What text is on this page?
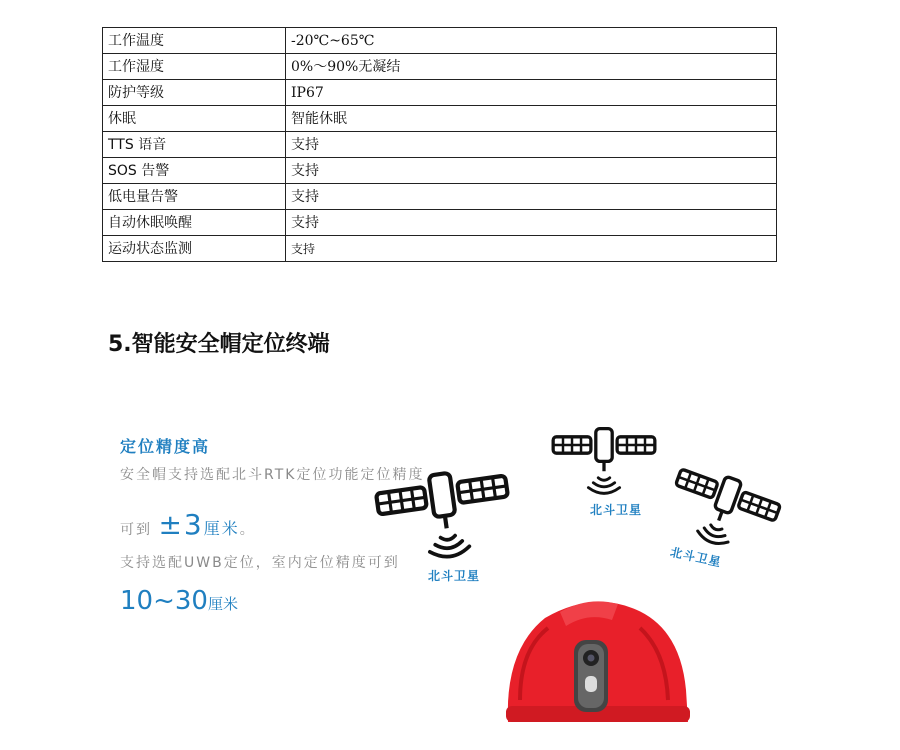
工作温度	-20℃~65℃
工作湿度	0%～90%无凝结
防护等级	IP67
休眠	智能休眠
TTS 语音	支持
SOS 告警	支持
低电量告警	支持
自动休眠唤醒	支持
运动状态监测	支持
5.智能安全帽定位终端
定位精度高
安全帽支持选配北斗RTK定位功能定位精度
可到 ±3厘米。
支持选配UWB定位，室内定位精度可到
10~30厘米
北斗卫星
北斗卫星
北斗卫星
